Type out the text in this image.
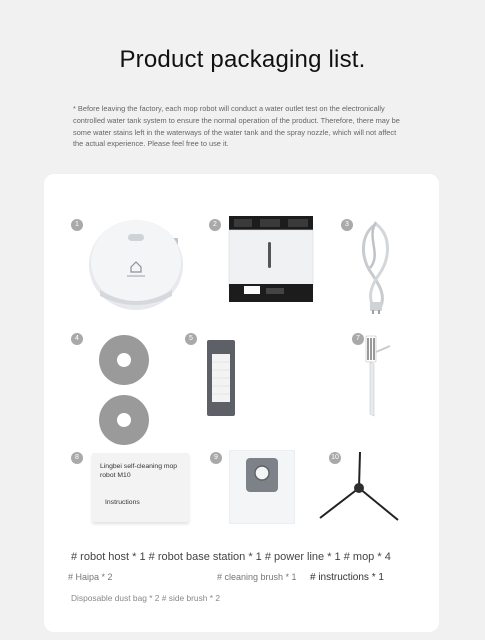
Product packaging list.
* Before leaving the factory, each mop robot will conduct a water outlet test on the electronically controlled water tank system to ensure the normal operation of the product. Therefore, there may be some water stains left in the waterways of the water tank and the spray nozzle, which will not affect the actual experience. Please feel free to use it.
1	2	3
4	5	7
8
Lingbei self-cleaning mop robot M10
Instructions
9	10
# robot host * 1 # robot base station * 1 # power line * 1 # mop * 4
# Haipa * 2	# cleaning brush * 1 # instructions * 1
Disposable dust bag * 2 # side brush * 2
